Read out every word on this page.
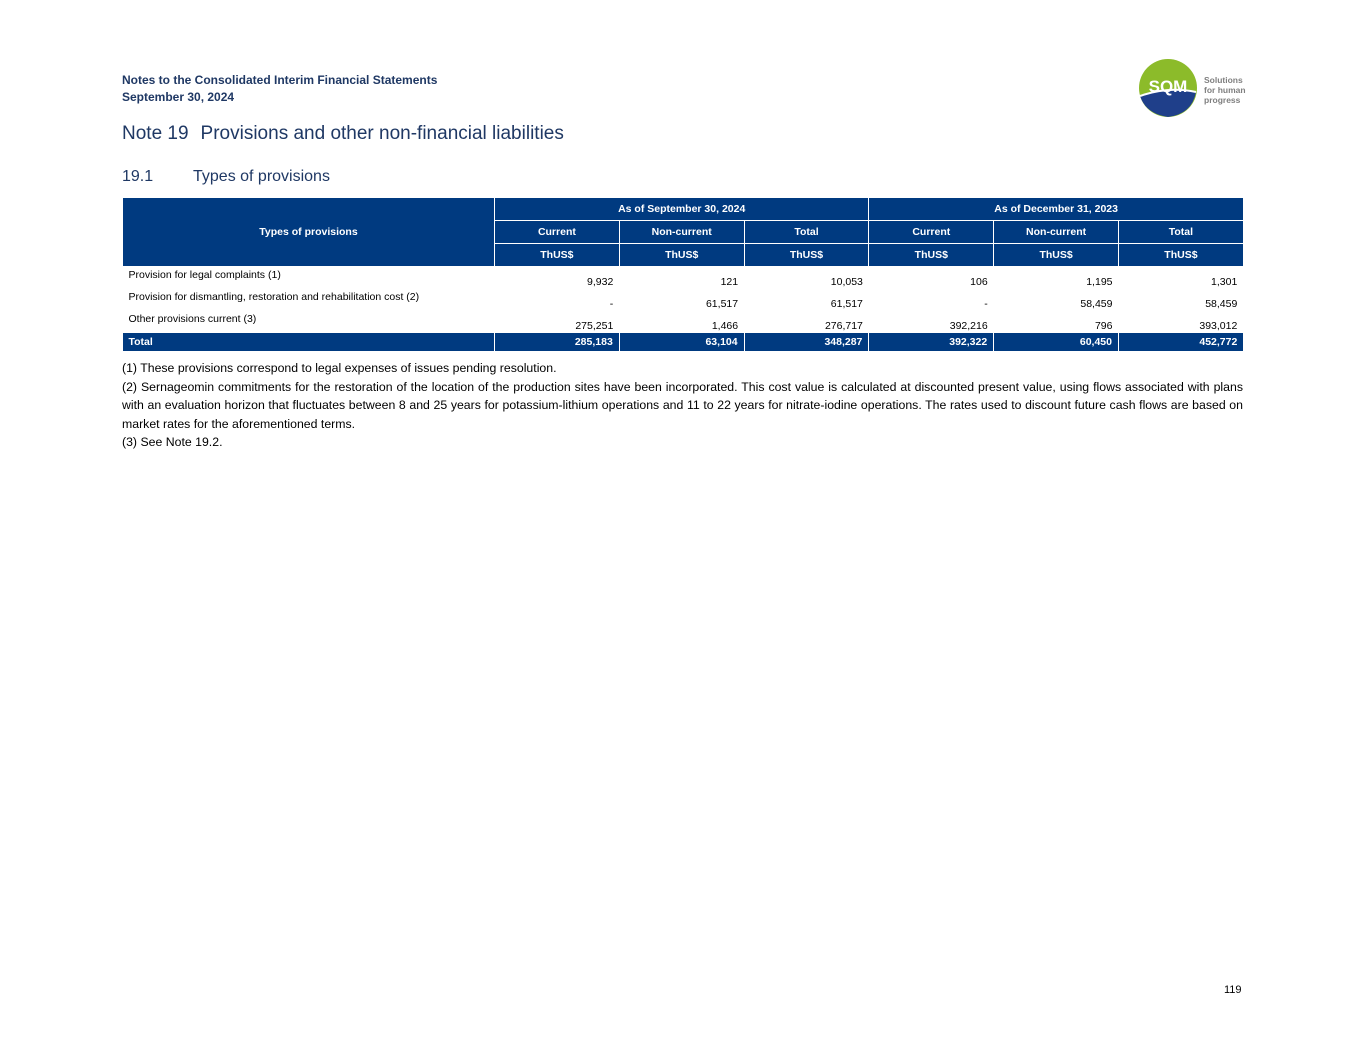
Notes to the Consolidated Interim Financial Statements
September 30, 2024
SQM Solutions
for human
progress
Note 19 Provisions and other non-financial liabilities
19.1 Types of provisions
Types of provisions	As of September 30, 2024			As of December 31, 2023		
	Current	Non-current	Total	Current	Non-current	Total
	ThUS$	ThUS$	ThUS$	ThUS$	ThUS$	ThUS$
Provision for legal complaints (1)	9,932	121	10,053	106	1,195	1,301
Provision for dismantling, restoration and rehabilitation cost (2)	-	61,517	61,517	-	58,459	58,459
Other provisions current (3)	275,251	1,466	276,717	392,216	796	393,012
Total	285,183	63,104	348,287	392,322	60,450	452,772

(1) These provisions correspond to legal expenses of issues pending resolution.

(2) Sernageomin commitments for the restoration of the location of the production sites have been incorporated. This cost value is calculated at discounted present value, using flows associated with plans with an evaluation horizon that fluctuates between 8 and 25 years for potassium-lithium operations and 11 to 22 years for nitrate-iodine operations. The rates used to discount future cash flows are based on market rates for the aforementioned terms.

(3) See Note 19.2.

119
